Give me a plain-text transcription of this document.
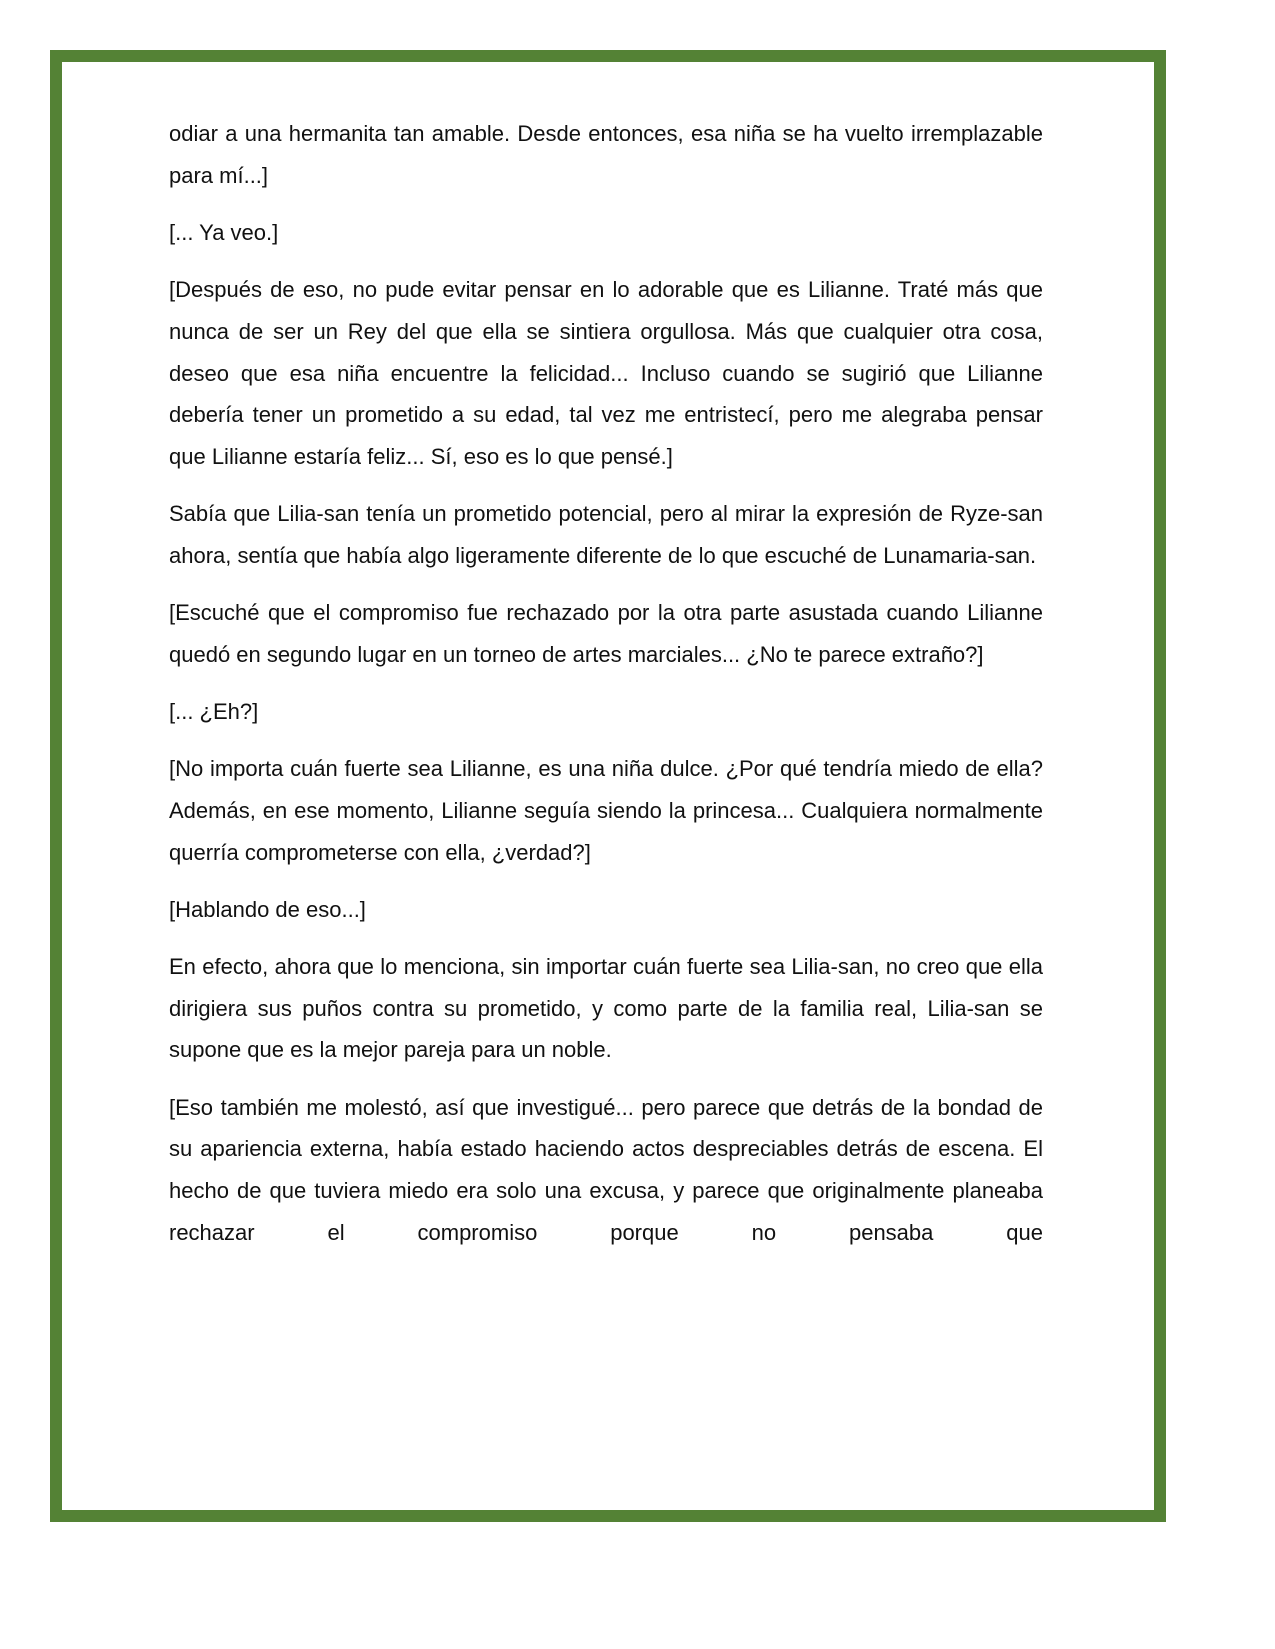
odiar a una hermanita tan amable. Desde entonces, esa niña se ha vuelto irremplazable para mí...]

[... Ya veo.]

[Después de eso, no pude evitar pensar en lo adorable que es Lilianne. Traté más que nunca de ser un Rey del que ella se sintiera orgullosa. Más que cualquier otra cosa, deseo que esa niña encuentre la felicidad... Incluso cuando se sugirió que Lilianne debería tener un prometido a su edad, tal vez me entristecí, pero me alegraba pensar que Lilianne estaría feliz... Sí, eso es lo que pensé.]

Sabía que Lilia-san tenía un prometido potencial, pero al mirar la expresión de Ryze-san ahora, sentía que había algo ligeramente diferente de lo que escuché de Lunamaria-san.

[Escuché que el compromiso fue rechazado por la otra parte asustada cuando Lilianne quedó en segundo lugar en un torneo de artes marciales... ¿No te parece extraño?]

[... ¿Eh?]

[No importa cuán fuerte sea Lilianne, es una niña dulce. ¿Por qué tendría miedo de ella? Además, en ese momento, Lilianne seguía siendo la princesa... Cualquiera normalmente querría comprometerse con ella, ¿verdad?]

[Hablando de eso...]

En efecto, ahora que lo menciona, sin importar cuán fuerte sea Lilia-san, no creo que ella dirigiera sus puños contra su prometido, y como parte de la familia real, Lilia-san se supone que es la mejor pareja para un noble.

[Eso también me molestó, así que investigué... pero parece que detrás de la bondad de su apariencia externa, había estado haciendo actos despreciables detrás de escena. El hecho de que tuviera miedo era solo una excusa, y parece que originalmente planeaba rechazar el compromiso porque no pensaba que
